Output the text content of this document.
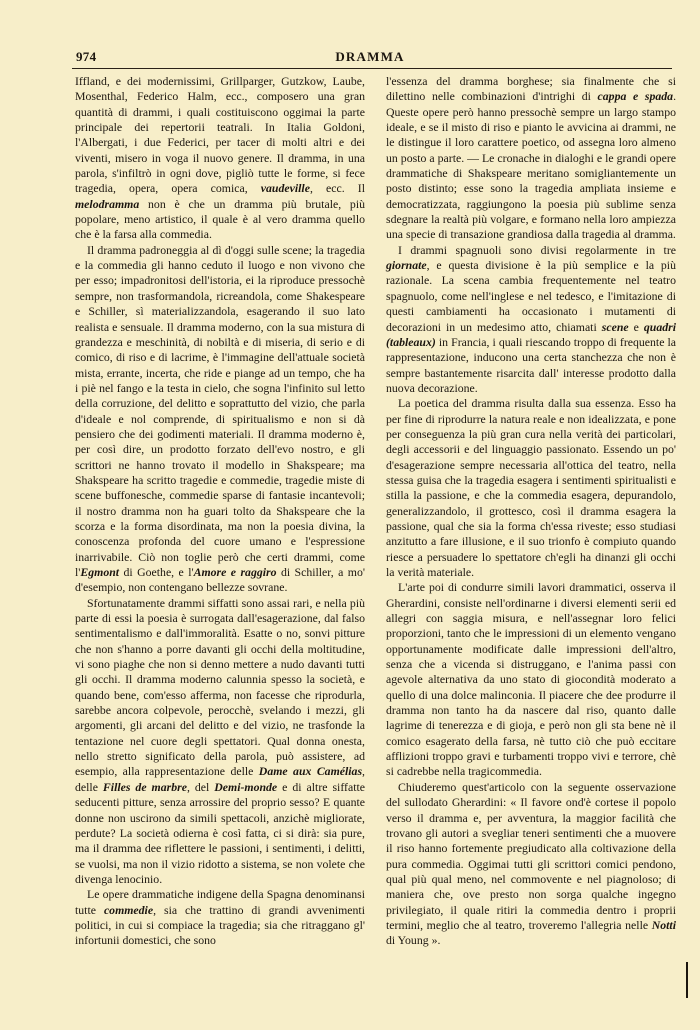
974	DRAMMA

Iffland, e dei modernissimi, Grillparger, Gutzkow, Laube, Mosenthal, Federico Halm, ecc., composero una gran quantità di drammi, i quali costituiscono oggimai la parte principale dei repertorii teatrali. In Italia Goldoni, l'Albergati, i due Federici, per tacer di molti altri e dei viventi, misero in voga il nuovo genere. Il dramma, in una parola, s'infiltrò in ogni dove, pigliò tutte le forme, si fece tragedia, opera, opera comica, vaudeville, ecc. Il melodramma non è che un dramma più brutale, più popolare, meno artistico, il quale è al vero dramma quello che è la farsa alla commedia.

Il dramma padroneggia al dì d'oggi sulle scene; la tragedia e la commedia gli hanno ceduto il luogo e non vivono che per esso; impadronitosi dell'istoria, ei la riproduce pressochè sempre, non trasformandola, ricreandola, come Shakespeare e Schiller, sì materializzandola, esagerando il suo lato realista e sensuale. Il dramma moderno, con la sua mistura di grandezza e meschinità, di nobiltà e di miseria, di serio e di comico, di riso e di lacrime, è l'immagine dell'attuale società mista, errante, incerta, che ride e piange ad un tempo, che ha i piè nel fango e la testa in cielo, che sogna l'infinito sul letto della corruzione, del delitto e soprattutto del vizio, che parla d'ideale e nol comprende, di spiritualismo e non si dà pensiero che dei godimenti materiali. Il dramma moderno è, per così dire, un prodotto forzato dell'evo nostro, e gli scrittori ne hanno trovato il modello in Shakspeare; ma Shakspeare ha scritto tragedie e commedie, tragedie miste di scene buffonesche, commedie sparse di fantasie incantevoli; il nostro dramma non ha guari tolto da Shakspeare che la scorza e la forma disordinata, ma non la poesia divina, la conoscenza profonda del cuore umano e l'espressione inarrivabile. Ciò non toglie però che certi drammi, come l'Egmont di Goethe, e l'Amore e raggiro di Schiller, a mo' d'esempio, non contengano bellezze sovrane.

Sfortunatamente drammi siffatti sono assai rari, e nella più parte di essi la poesia è surrogata dall'esagerazione, dal falso sentimentalismo e dall'immoralità. Esatte o no, sonvi pitture che non s'hanno a porre davanti gli occhi della moltitudine, vi sono piaghe che non si denno mettere a nudo davanti tutti gli occhi. Il dramma moderno calunnia spesso la società, e quando bene, com'esso afferma, non facesse che riprodurla, sarebbe ancora colpevole, perocchè, svelando i mezzi, gli argomenti, gli arcani del delitto e del vizio, ne trasfonde la tentazione nel cuore degli spettatori. Qual donna onesta, nello stretto significato della parola, può assistere, ad esempio, alla rappresentazione delle Dame aux Camélias, delle Filles de marbre, del Demi-monde e di altre siffatte seducenti pitture, senza arrossire del proprio sesso? E quante donne non uscirono da simili spettacoli, anzichè migliorate, perdute? La società odierna è così fatta, ci si dirà: sia pure, ma il dramma dee riflettere le passioni, i sentimenti, i delitti, se vuolsi, ma non il vizio ridotto a sistema, se non volete che divenga lenocinio.

Le opere drammatiche indigene della Spagna denominansi tutte commedie, sia che trattino di grandi avvenimenti politici, in cui si compiace la tragedia; sia che ritraggano gl' infortunii domestici, che sono

l'essenza del dramma borghese; sia finalmente che si dilettino nelle combinazioni d'intrighi di cappa e spada. Queste opere però hanno pressochè sempre un largo stampo ideale, e se il misto di riso e pianto le avvicina ai drammi, ne le distingue il loro carattere poetico, od assegna loro almeno un posto a parte. — Le cronache in dialoghi e le grandi opere drammatiche di Shakspeare meritano somigliantemente un posto distinto; esse sono la tragedia ampliata insieme e democratizzata, raggiungono la poesia più sublime senza sdegnare la realtà più volgare, e formano nella loro ampiezza una specie di transazione grandiosa dalla tragedia al dramma.

I drammi spagnuoli sono divisi regolarmente in tre giornate, e questa divisione è la più semplice e la più razionale. La scena cambia frequentemente nel teatro spagnuolo, come nell'inglese e nel tedesco, e l'imitazione di questi cambiamenti ha occasionato i mutamenti di decorazioni in un medesimo atto, chiamati scene e quadri (tableaux) in Francia, i quali riescando troppo di frequente la rappresentazione, inducono una certa stanchezza che non è sempre bastantemente risarcita dall' interesse prodotto dalla nuova decorazione.

La poetica del dramma risulta dalla sua essenza. Esso ha per fine di riprodurre la natura reale e non idealizzata, e pone per conseguenza la più gran cura nella verità dei particolari, degli accessorii e del linguaggio passionato. Essendo un po' d'esagerazione sempre necessaria all'ottica del teatro, nella stessa guisa che la tragedia esagera i sentimenti spiritualisti e stilla la passione, e che la commedia esagera, depurandolo, generalizzandolo, il grottesco, così il dramma esagera la passione, qual che sia la forma ch'essa riveste; esso studiasi anzitutto a fare illusione, e il suo trionfo è compiuto quando riesce a persuadere lo spettatore ch'egli ha dinanzi gli occhi la verità materiale.

L'arte poi di condurre simili lavori drammatici, osserva il Gherardini, consiste nell'ordinarne i diversi elementi serii ed allegri con saggia misura, e nell'assegnar loro felici proporzioni, tanto che le impressioni di un elemento vengano opportunamente modificate dalle impressioni dell'altro, senza che a vicenda si distruggano, e l'anima passi con agevole alternativa da uno stato di giocondità moderato a quello di una dolce malinconia. Il piacere che dee produrre il dramma non tanto ha da nascere dal riso, quanto dalle lagrime di tenerezza e di gioja, e però non gli sta bene nè il comico esagerato della farsa, nè tutto ciò che può eccitare afflizioni troppo gravi e turbamenti troppo vivi e terrore, chè si cadrebbe nella tragicommedia.

Chiuderemo quest'articolo con la seguente osservazione del sullodato Gherardini: « Il favore ond'è cortese il popolo verso il dramma e, per avventura, la maggior facilità che trovano gli autori a svegliar teneri sentimenti che a muovere il riso hanno fortemente pregiudicato alla coltivazione della pura commedia. Oggimai tutti gli scrittori comici pendono, qual più qual meno, nel commovente e nel piagnoloso; di maniera che, ove presto non sorga qualche ingegno privilegiato, il quale ritiri la commedia dentro i proprii termini, meglio che al teatro, troveremo l'allegria nelle Notti di Young ».
